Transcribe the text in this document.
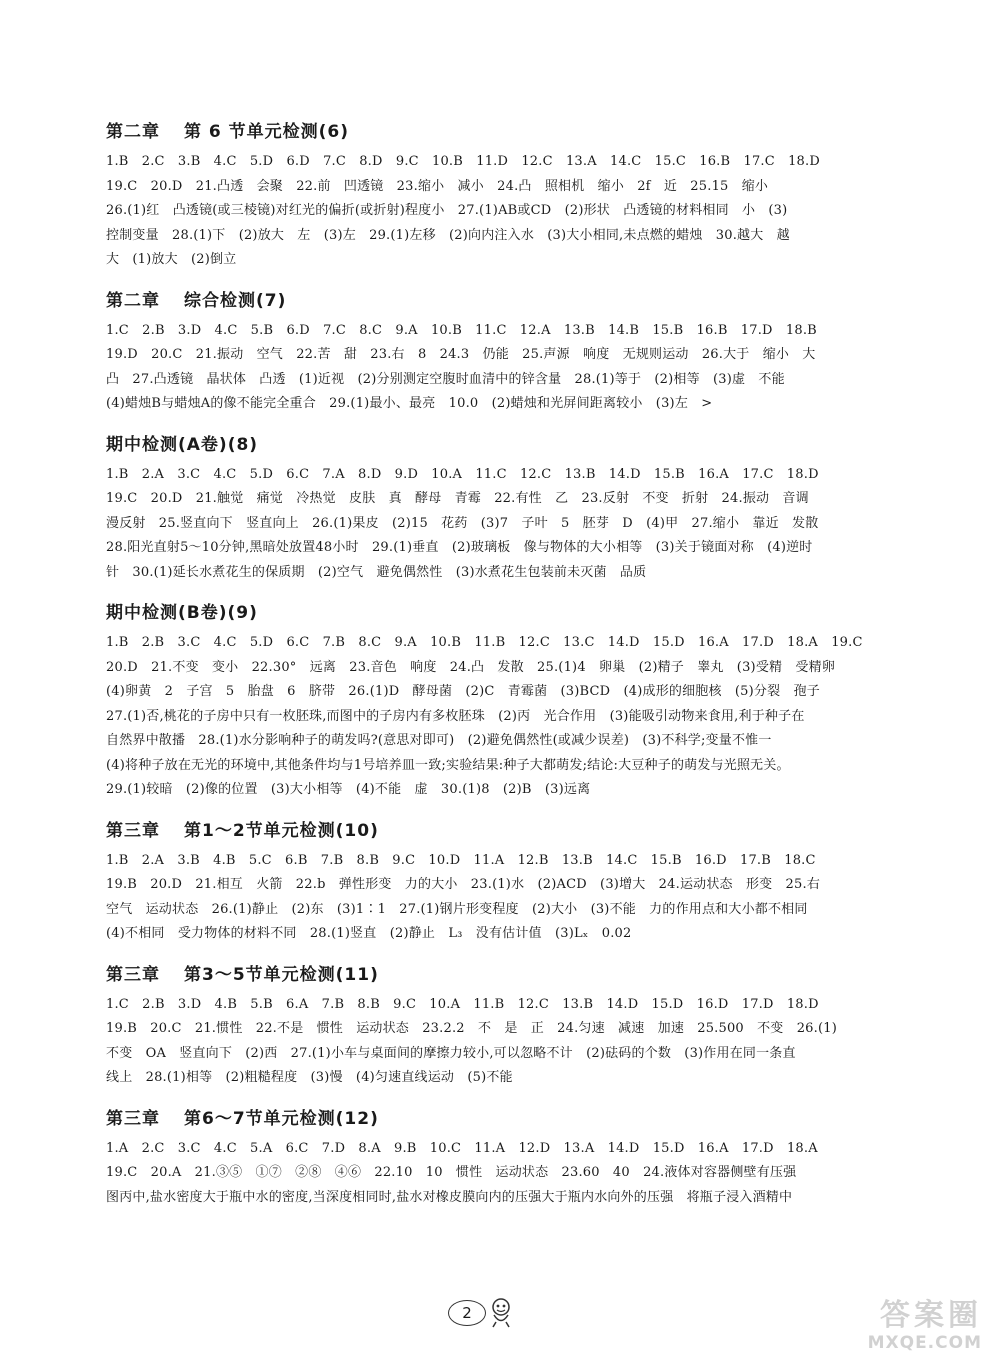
第二章 第 6 节单元检测(6)
1.B　2.C　3.B　4.C　5.D　6.D　7.C　8.D　9.C　10.B　11.D　12.C　13.A　14.C　15.C　16.B　17.C　18.D
19.C　20.D　21.凸透　会聚　22.前　凹透镜　23.缩小　减小　24.凸　照相机　缩小　2f　近　25.15　缩小
26.(1)红　凸透镜(或三棱镜)对红光的偏折(或折射)程度小　27.(1)AB或CD　(2)形状　凸透镜的材料相同　小　(3)
控制变量　28.(1)下　(2)放大　左　(3)左　29.(1)左移　(2)向内注入水　(3)大小相同,未点燃的蜡烛　30.越大　越
大　(1)放大　(2)倒立
第二章 综合检测(7)
1.C　2.B　3.D　4.C　5.B　6.D　7.C　8.C　9.A　10.B　11.C　12.A　13.B　14.B　15.B　16.B　17.D　18.B
19.D　20.C　21.振动　空气　22.苦　甜　23.右　8　24.3　仍能　25.声源　响度　无规则运动　26.大于　缩小　大
凸　27.凸透镜　晶状体　凸透　(1)近视　(2)分别测定空腹时血清中的锌含量　28.(1)等于　(2)相等　(3)虚　不能
(4)蜡烛B与蜡烛A的像不能完全重合　29.(1)最小、最亮　10.0　(2)蜡烛和光屏间距离较小　(3)左　>
期中检测(A卷)(8)
1.B　2.A　3.C　4.C　5.D　6.C　7.A　8.D　9.D　10.A　11.C　12.C　13.B　14.D　15.B　16.A　17.C　18.D
19.C　20.D　21.触觉　痛觉　冷热觉　皮肤　真　酵母　青霉　22.有性　乙　23.反射　不变　折射　24.振动　音调
漫反射　25.竖直向下　竖直向上　26.(1)果皮　(2)15　花药　(3)7　子叶　5　胚芽　D　(4)甲　27.缩小　靠近　发散
28.阳光直射5～10分钟,黑暗处放置48小时　29.(1)垂直　(2)玻璃板　像与物体的大小相等　(3)关于镜面对称　(4)逆时
针　30.(1)延长水煮花生的保质期　(2)空气　避免偶然性　(3)水煮花生包装前未灭菌　品质
期中检测(B卷)(9)
1.B　2.B　3.C　4.C　5.D　6.C　7.B　8.C　9.A　10.B　11.B　12.C　13.C　14.D　15.D　16.A　17.D　18.A　19.C
20.D　21.不变　变小　22.30°　远离　23.音色　响度　24.凸　发散　25.(1)4　卵巢　(2)精子　睾丸　(3)受精　受精卵
(4)卵黄　2　子宫　5　胎盘　6　脐带　26.(1)D　酵母菌　(2)C　青霉菌　(3)BCD　(4)成形的细胞核　(5)分裂　孢子
27.(1)否,桃花的子房中只有一枚胚珠,而图中的子房内有多枚胚珠　(2)丙　光合作用　(3)能吸引动物来食用,利于种子在
自然界中散播　28.(1)水分影响种子的萌发吗?(意思对即可)　(2)避免偶然性(或减少误差)　(3)不科学;变量不惟一
(4)将种子放在无光的环境中,其他条件均与1号培养皿一致;实验结果:种子大都萌发;结论:大豆种子的萌发与光照无关。
29.(1)较暗　(2)像的位置　(3)大小相等　(4)不能　虚　30.(1)8　(2)B　(3)远离
第三章 第1～2节单元检测(10)
1.B　2.A　3.B　4.B　5.C　6.B　7.B　8.B　9.C　10.D　11.A　12.B　13.B　14.C　15.B　16.D　17.B　18.C
19.B　20.D　21.相互　火箭　22.b　弹性形变　力的大小　23.(1)水　(2)ACD　(3)增大　24.运动状态　形变　25.右
空气　运动状态　26.(1)静止　(2)东　(3)1∶1　27.(1)钢片形变程度　(2)大小　(3)不能　力的作用点和大小都不相同
(4)不相同　受力物体的材料不同　28.(1)竖直　(2)静止　L₃　没有估计值　(3)Lₓ　0.02
第三章 第3～5节单元检测(11)
1.C　2.B　3.D　4.B　5.B　6.A　7.B　8.B　9.C　10.A　11.B　12.C　13.B　14.D　15.D　16.D　17.D　18.D
19.B　20.C　21.惯性　22.不是　惯性　运动状态　23.2.2　不　是　正　24.匀速　减速　加速　25.500　不变　26.(1)
不变　OA　竖直向下　(2)西　27.(1)小车与桌面间的摩擦力较小,可以忽略不计　(2)砝码的个数　(3)作用在同一条直
线上　28.(1)相等　(2)粗糙程度　(3)慢　(4)匀速直线运动　(5)不能
第三章 第6～7节单元检测(12)
1.A　2.C　3.C　4.C　5.A　6.C　7.D　8.A　9.B　10.C　11.A　12.D　13.A　14.D　15.D　16.A　17.D　18.A
19.C　20.A　21.③⑤　①⑦　②⑧　④⑥　22.10　10　惯性　运动状态　23.60　40　24.液体对容器侧壁有压强
图丙中,盐水密度大于瓶中水的密度,当深度相同时,盐水对橡皮膜向内的压强大于瓶内水向外的压强　将瓶子浸入酒精中
2	答案圈
MXQE.COM
